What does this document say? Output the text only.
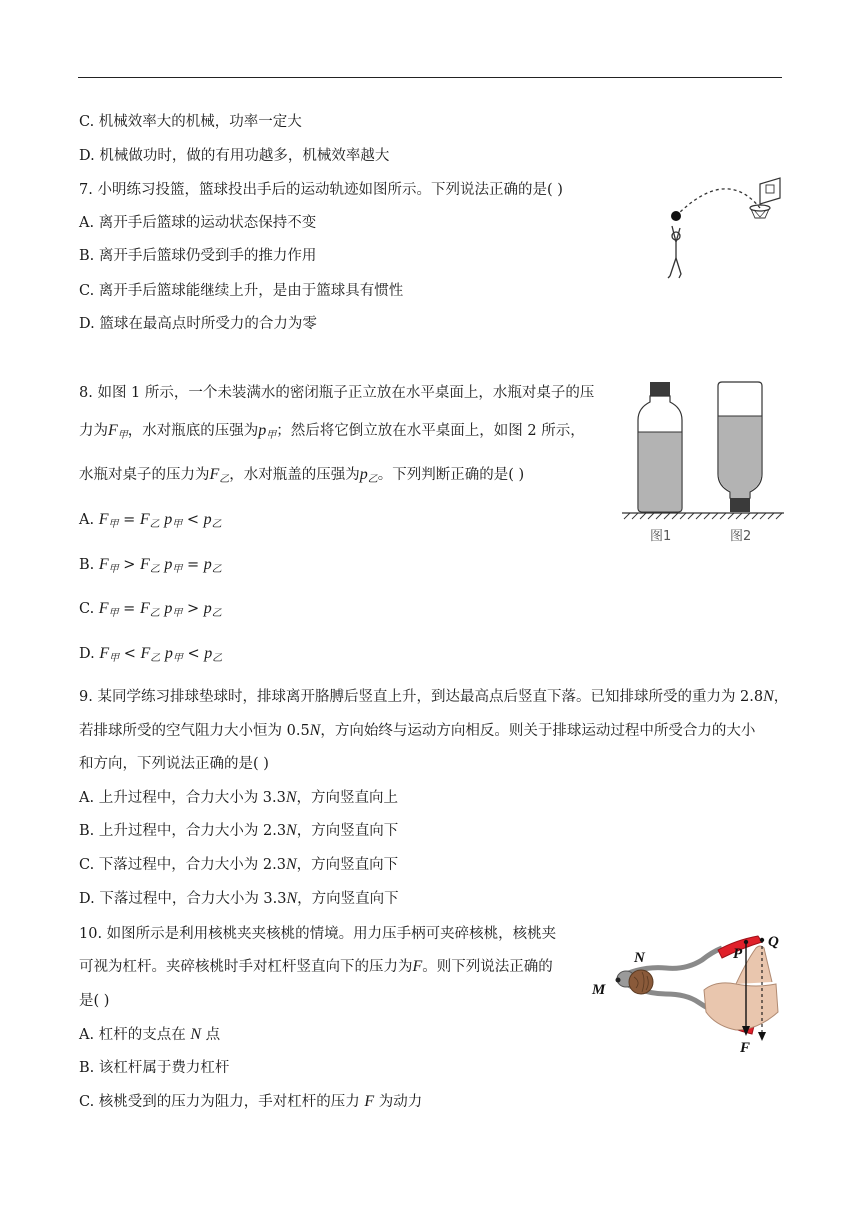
C. 机械效率大的机械，功率一定大
D. 机械做功时，做的有用功越多，机械效率越大
7. 小明练习投篮，篮球投出手后的运动轨迹如图所示。下列说法正确的是( )
A. 离开手后篮球的运动状态保持不变
B. 离开手后篮球仍受到手的推力作用
C. 离开手后篮球能继续上升，是由于篮球具有惯性
D. 篮球在最高点时所受力的合力为零
8. 如图 1 所示，一个未装满水的密闭瓶子正立放在水平桌面上，水瓶对桌子的压
力为$F_甲$，水对瓶底的压强为$p_甲$；然后将它倒立放在水平桌面上，如图 2 所示，
水瓶对桌子的压力为$F_乙$，水对瓶盖的压强为$p_乙$。下列判断正确的是( )
A. $F_甲 = F_乙$ $p_甲 < p_乙$
B. $F_甲 > F_乙$ $p_甲 = p_乙$
C. $F_甲 = F_乙$ $p_甲 > p_乙$
D. $F_甲 < F_乙$ $p_甲 < p_乙$
图1	图2
9. 某同学练习排球垫球时，排球离开胳膊后竖直上升，到达最高点后竖直下落。已知排球所受的重力为 2.8N，
若排球所受的空气阻力大小恒为 0.5N，方向始终与运动方向相反。则关于排球运动过程中所受合力的大小
和方向，下列说法正确的是( )
A. 上升过程中，合力大小为 3.3N，方向竖直向上
B. 上升过程中，合力大小为 2.3N，方向竖直向下
C. 下落过程中，合力大小为 2.3N，方向竖直向下
D. 下落过程中，合力大小为 3.3N，方向竖直向下
10. 如图所示是利用核桃夹夹核桃的情境。用力压手柄可夹碎核桃，核桃夹
可视为杠杆。夹碎核桃时手对杠杆竖直向下的压力为F。则下列说法正确的
是( )
A. 杠杆的支点在 N 点
B. 该杠杆属于费力杠杆
C. 核桃受到的压力为阻力，手对杠杆的压力 F 为动力
N
M
P
Q
F
